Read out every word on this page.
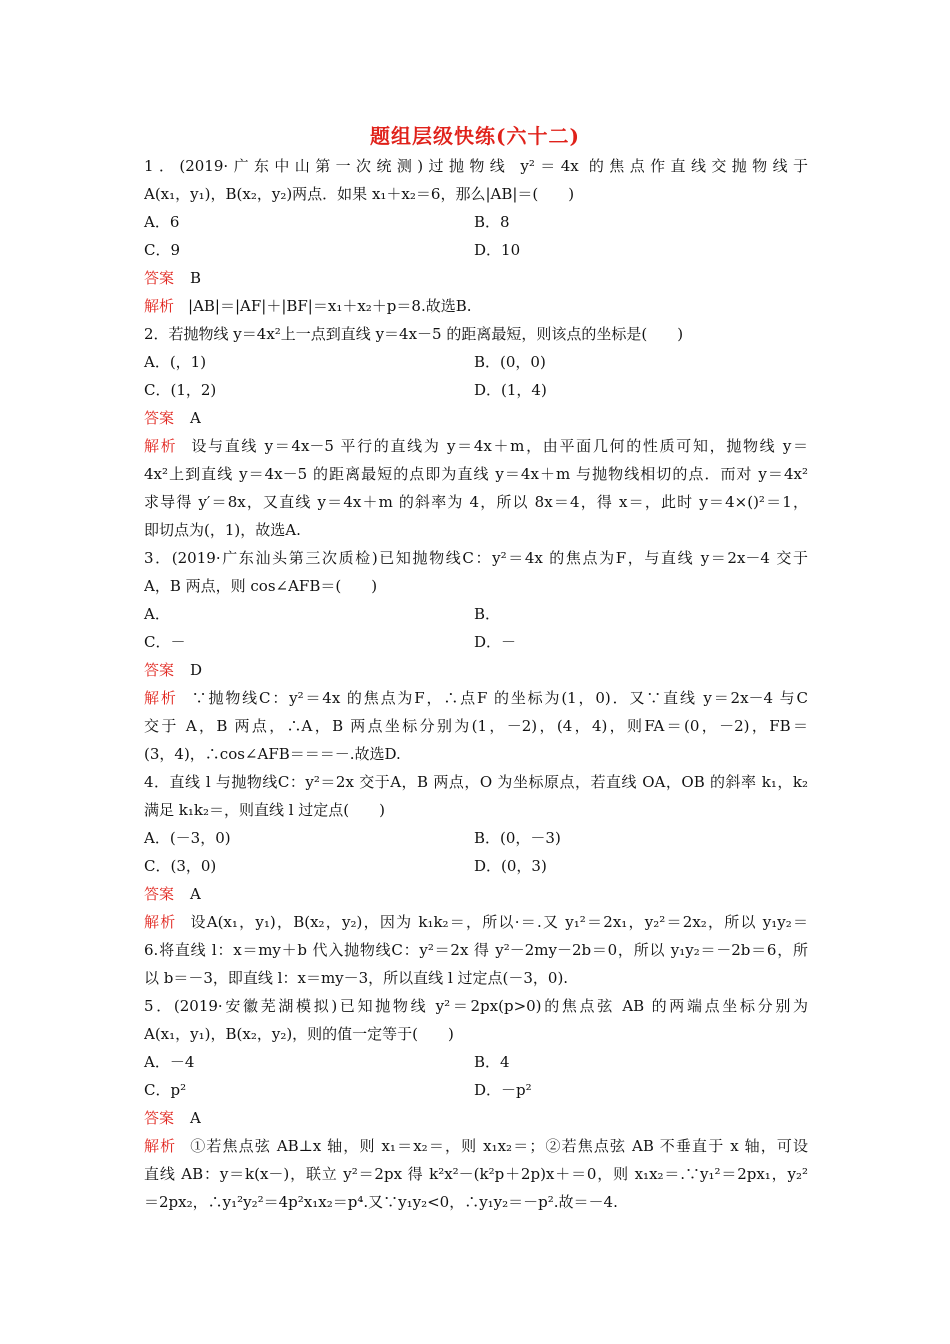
题组层级快练(六十二)
1．(2019·广东中山第一次统测)过抛物线 y²＝4x 的焦点作直线交抛物线于
A(x₁，y₁)，B(x₂，y₂)两点．如果 x₁＋x₂＝6，那么|AB|＝(　　)
A．6	B．8
C．9	D．10
答案 B
解析 |AB|＝|AF|＋|BF|＝x₁＋x₂＋p＝8.故选B.
2．若抛物线 y＝4x²上一点到直线 y＝4x－5 的距离最短，则该点的坐标是(　　)
A．(，1)	B．(0，0)
C．(1，2)	D．(1，4)
答案 A
解析 设与直线 y＝4x－5 平行的直线为 y＝4x＋m，由平面几何的性质可知，抛物线 y＝
4x²上到直线 y＝4x－5 的距离最短的点即为直线 y＝4x＋m 与抛物线相切的点．而对 y＝4x²
求导得 y′＝8x，又直线 y＝4x＋m 的斜率为 4，所以 8x＝4，得 x＝，此时 y＝4×()²＝1，
即切点为(，1)，故选A.
3．(2019·广东汕头第三次质检)已知抛物线C：y²＝4x 的焦点为F，与直线 y＝2x－4 交于
A，B 两点，则 cos∠AFB＝(　　)
A．	B．
C．－	D．－
答案 D
解析 ∵抛物线C：y²＝4x 的焦点为F，∴点F 的坐标为(1，0)．又∵直线 y＝2x－4 与C
交于 A，B 两点，∴A，B 两点坐标分别为(1，－2)，(4，4)，则FA＝(0，－2)，FB＝
(3，4)，∴cos∠AFB＝＝＝－.故选D.
4．直线 l 与抛物线C：y²＝2x 交于A，B 两点，O 为坐标原点，若直线 OA，OB 的斜率 k₁，k₂
满足 k₁k₂＝，则直线 l 过定点(　　)
A．(－3，0)	B．(0，－3)
C．(3，0)	D．(0，3)
答案 A
解析 设A(x₁，y₁)，B(x₂，y₂)，因为 k₁k₂＝，所以·＝.又 y₁²＝2x₁，y₂²＝2x₂，所以 y₁y₂＝
6.将直线 l：x＝my＋b 代入抛物线C：y²＝2x 得 y²－2my－2b＝0，所以 y₁y₂＝－2b＝6，所
以 b＝－3，即直线 l：x＝my－3，所以直线 l 过定点(－3，0).
5．(2019·安徽芜湖模拟)已知抛物线 y²＝2px(p>0)的焦点弦 AB 的两端点坐标分别为
A(x₁，y₁)，B(x₂，y₂)，则的值一定等于(　　)
A．－4	B．4
C．p²	D．－p²
答案 A
解析 ①若焦点弦 AB⊥x 轴，则 x₁＝x₂＝，则 x₁x₂＝；②若焦点弦 AB 不垂直于 x 轴，可设
直线 AB：y＝k(x－)，联立 y²＝2px 得 k²x²－(k²p＋2p)x＋＝0，则 x₁x₂＝.∵y₁²＝2px₁，y₂²
＝2px₂，∴y₁²y₂²＝4p²x₁x₂＝p⁴.又∵y₁y₂<0，∴y₁y₂＝－p².故＝－4.
